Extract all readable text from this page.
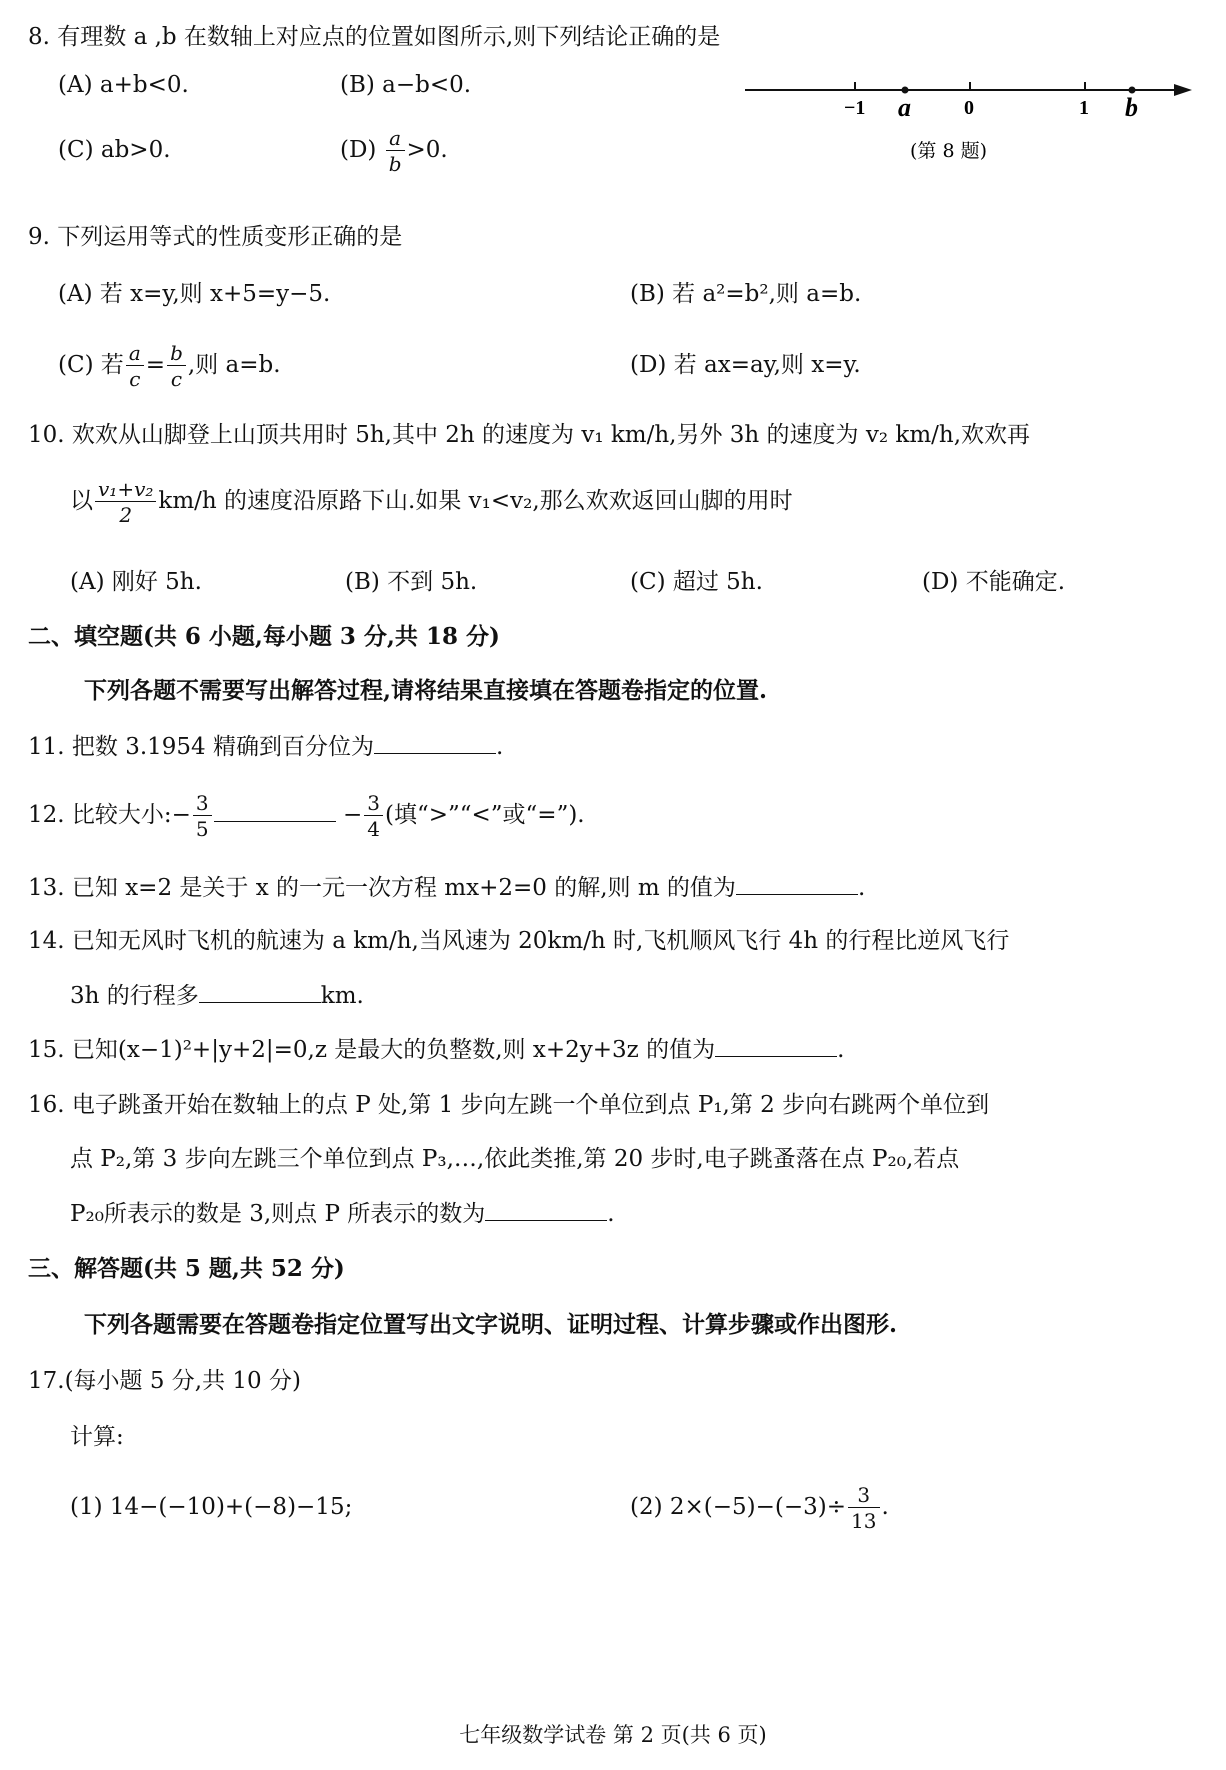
8. 有理数 a ,b 在数轴上对应点的位置如图所示,则下列结论正确的是
(A) a+b<0.	(B) a−b<0.
(C) ab>0.	$(D) \frac{a}{b} >0$.
−1 a	0	1 b
(第 8 题)
9. 下列运用等式的性质变形正确的是
(A) 若 x=y,则 x+5=y−5.	(B) 若 a²=b²,则 a=b.
(C) 若 $\frac{a}{c} = \frac{b}{c}$ ,则 a=b.	(D) 若 ax=ay,则 x=y.
10. 欢欢从山脚登上山顶共用时 5h,其中 2h 的速度为 v₁ km/h,另外 3h 的速度为 v₂ km/h,欢欢再
以 $\frac{\text{v₁+v₂}}{2} km/h$ 的速度沿原路下山.如果 v₁<v₂,那么欢欢返回山脚的用时
(A) 刚好 5h.	(B) 不到 5h.	(C) 超过 5h.	(D) 不能确定.
二、填空题(共 6 小题,每小题 3 分,共 18 分)
下列各题不需要写出解答过程,请将结果直接填在答题卷指定的位置.
11. 把数 3.1954 精确到百分位为	.
12. 比较大小:− $\frac{3}{5}$	− $\frac{3}{4}$ (填“>”“<”或“=”).
13. 已知 x=2 是关于 x 的一元一次方程 mx+2=0 的解,则 m 的值为	.
14. 已知无风时飞机的航速为 a km/h,当风速为 20km/h 时,飞机顺风飞行 4h 的行程比逆风飞行
3h 的行程多	km.
15. 已知(x−1)²+|y+2|=0,z 是最大的负整数,则 x+2y+3z 的值为	.
16. 电子跳蚤开始在数轴上的点 P 处,第 1 步向左跳一个单位到点 P₁,第 2 步向右跳两个单位到
点 P₂,第 3 步向左跳三个单位到点 P₃,…,依此类推,第 20 步时,电子跳蚤落在点 P₂₀,若点
P₂₀所表示的数是 3,则点 P 所表示的数为	.
三、解答题(共 5 题,共 52 分)
下列各题需要在答题卷指定位置写出文字说明、证明过程、计算步骤或作出图形.
17.(每小题 5 分,共 10 分)
计算:
(1) 14−(−10)+(−8)−15;	(2) $2\times(-5)-(-3)\div \frac{3}{13}$ .
七年级数学试卷 第 2 页(共 6 页)
